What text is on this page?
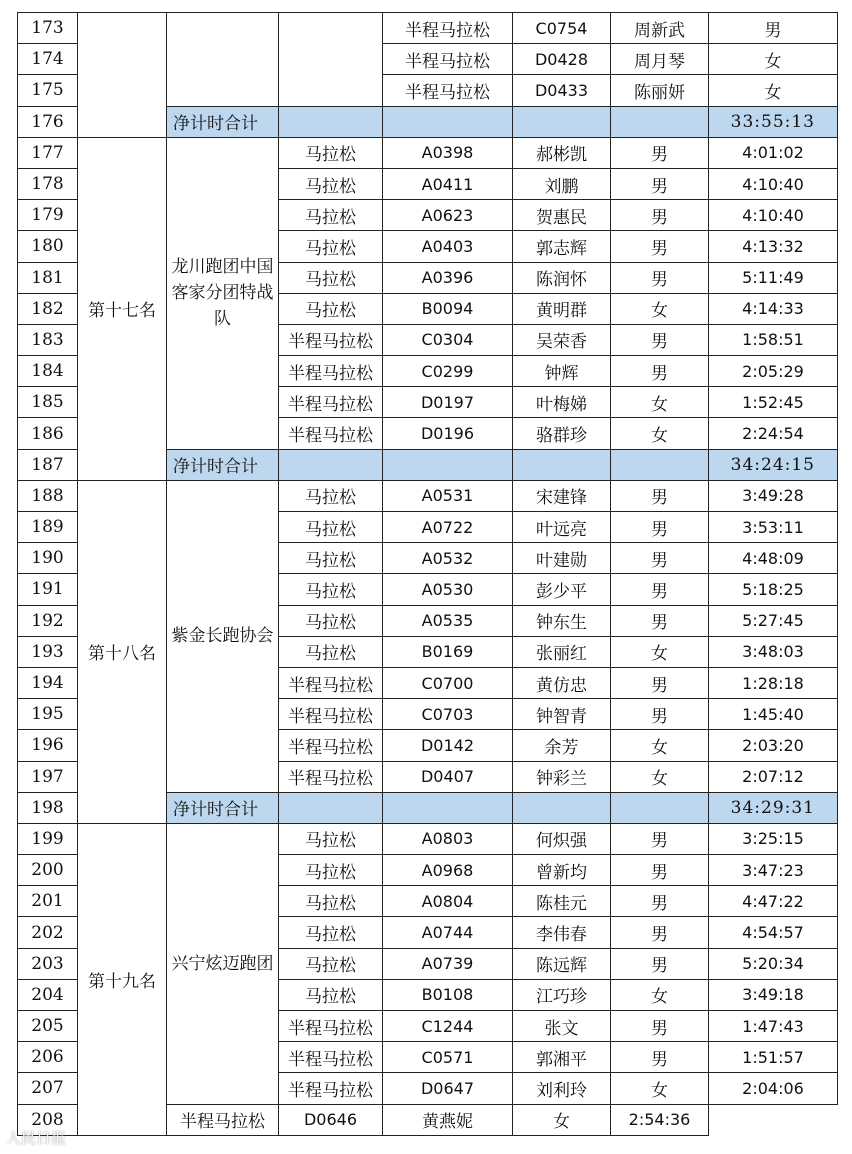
173				半程马拉松	C0754	周新武	男	
174				半程马拉松	D0428	周月琴	女	
175				半程马拉松	D0433	陈丽妍	女	
176		净计时合计					33:55:13	
177	第十七名	龙川跑团中国客家分团特战队	马拉松	A0398	郝彬凯	男	4:01:02	
178			马拉松	A0411	刘鹏	男	4:10:40	
179			马拉松	A0623	贺惠民	男	4:10:40	
180			马拉松	A0403	郭志辉	男	4:13:32	
181			马拉松	A0396	陈润怀	男	5:11:49	
182			马拉松	B0094	黄明群	女	4:14:33	
183			半程马拉松	C0304	吴荣香	男	1:58:51	
184			半程马拉松	C0299	钟辉	男	2:05:29	
185			半程马拉松	D0197	叶梅娣	女	1:52:45	
186			半程马拉松	D0196	骆群珍	女	2:24:54	
187		净计时合计					34:24:15	
188	第十八名	紫金长跑协会	马拉松	A0531	宋建锋	男	3:49:28	
189			马拉松	A0722	叶远亮	男	3:53:11	
190			马拉松	A0532	叶建勋	男	4:48:09	
191			马拉松	A0530	彭少平	男	5:18:25	
192			马拉松	A0535	钟东生	男	5:27:45	
193			马拉松	B0169	张丽红	女	3:48:03	
194			半程马拉松	C0700	黄仿忠	男	1:28:18	
195			半程马拉松	C0703	钟智青	男	1:45:40	
196			半程马拉松	D0142	余芳	女	2:03:20	
197			半程马拉松	D0407	钟彩兰	女	2:07:12	
198		净计时合计					34:29:31	
199	第十九名	兴宁炫迈跑团	马拉松	A0803	何炽强	男	3:25:15	
200			马拉松	A0968	曾新均	男	3:47:23	
201			马拉松	A0804	陈桂元	男	4:47:22	
202			马拉松	A0744	李伟春	男	4:54:57	
203			马拉松	A0739	陈远辉	男	5:20:34	
204			马拉松	B0108	江巧珍	女	3:49:18	
205			半程马拉松	C1244	张文	男	1:47:43	
206			半程马拉松	C0571	郭湘平	男	1:51:57	
207			半程马拉松	D0647	刘利玲	女	2:04:06	
208		半程马拉松	D0646	黄燕妮	女	2:54:36		
人民日报
